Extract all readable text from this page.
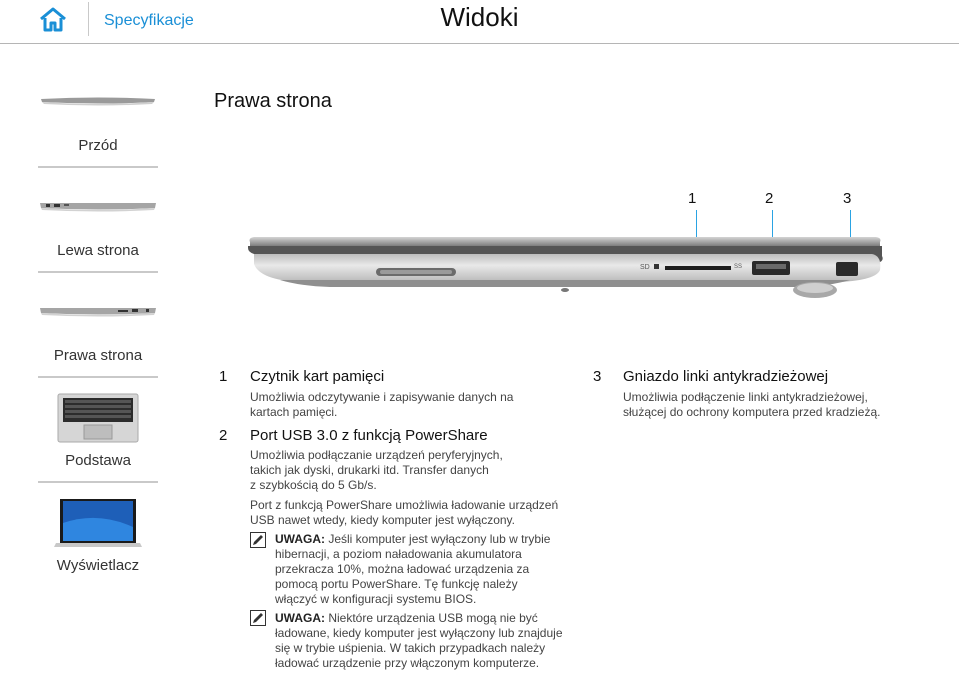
Specyfikacje	Widoki
Przód
Lewa strona
Prawa strona
Podstawa
Wyświetlacz
Prawa strona
1	2	3
SD	SS
1 Czytnik kart pamięci
Umożliwia odczytywanie i zapisywanie danych na
kartach pamięci.
2 Port USB 3.0 z funkcją PowerShare
Umożliwia podłączanie urządzeń peryferyjnych,
takich jak dyski, drukarki itd. Transfer danych
z szybkością do 5 Gb/s.
Port z funkcją PowerShare umożliwia ładowanie urządzeń
USB nawet wtedy, kiedy komputer jest wyłączony.
UWAGA: Jeśli komputer jest wyłączony lub w trybie
hibernacji, a poziom naładowania akumulatora
przekracza 10%, można ładować urządzenia za
pomocą portu PowerShare. Tę funkcję należy
włączyć w konfiguracji systemu BIOS.
UWAGA: Niektóre urządzenia USB mogą nie być
ładowane, kiedy komputer jest wyłączony lub znajduje
się w trybie uśpienia. W takich przypadkach należy
ładować urządzenie przy włączonym komputerze.
3 Gniazdo linki antykradzieżowej
Umożliwia podłączenie linki antykradzieżowej,
służącej do ochrony komputera przed kradzieżą.
